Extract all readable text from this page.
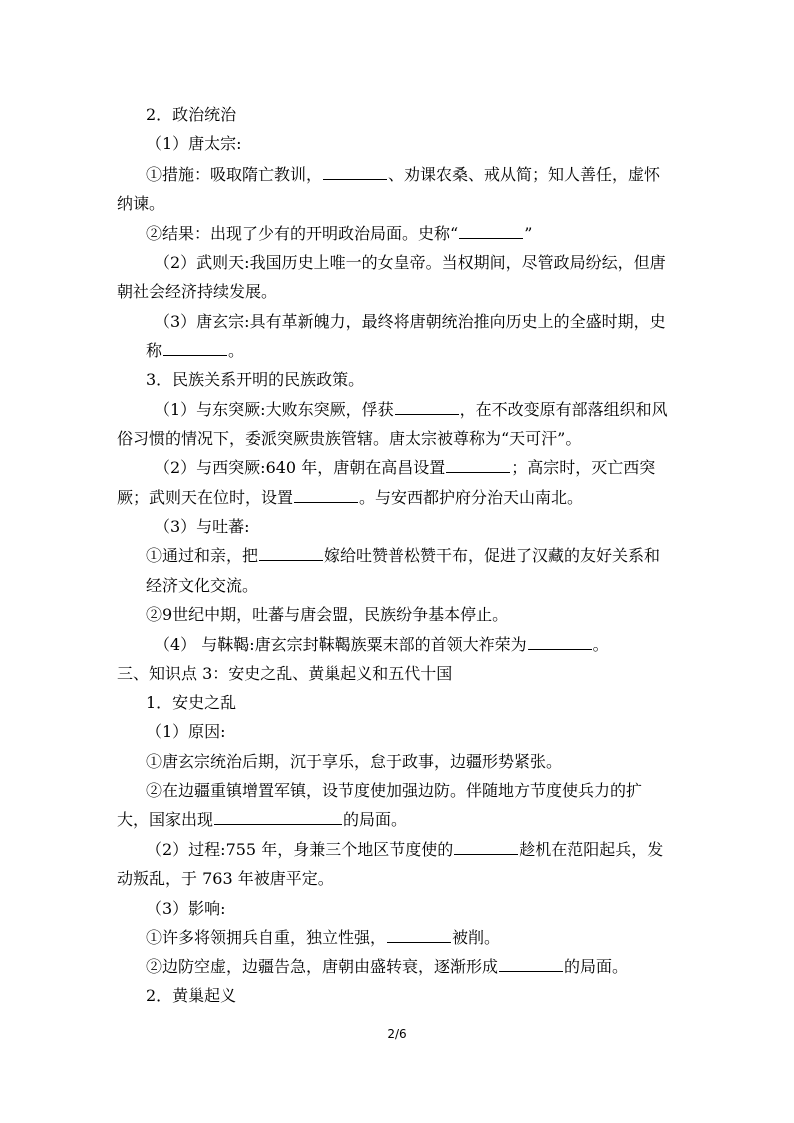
2．政治统治
（1）唐太宗:
①措施：吸取隋亡教训，	、劝课农桑、戒从简；知人善任，虚怀
纳谏。
②结果：出现了少有的开明政治局面。史称“	”
（2）武则天:我国历史上唯一的女皇帝。当权期间，尽管政局纷纭，但唐
朝社会经济持续发展。
（3）唐玄宗:具有革新魄力，最终将唐朝统治推向历史上的全盛时期，史
称	。
3．民族关系开明的民族政策。
（1）与东突厥:大败东突厥，俘获	，在不改变原有部落组织和风
俗习惯的情况下，委派突厥贵族管辖。唐太宗被尊称为“天可汗”。
（2）与西突厥:640 年，唐朝在高昌设置	；高宗时，灭亡西突
厥；武则天在位时，设置	。与安西都护府分治天山南北。
（3）与吐蕃:
①通过和亲，把	嫁给吐赞普松赞干布，促进了汉藏的友好关系和
经济文化交流。
②9世纪中期，吐蕃与唐会盟，民族纷争基本停止。
（4） 与靺鞨:唐玄宗封靺鞨族粟末部的首领大祚荣为	。
三、知识点 3：安史之乱、黄巢起义和五代十国
1．安史之乱
（1）原因:
①唐玄宗统治后期，沉于享乐，怠于政事，边疆形势紧张。
②在边疆重镇增置军镇，设节度使加强边防。伴随地方节度使兵力的扩
大，国家出现	的局面。
（2）过程:755 年，身兼三个地区节度使的	趁机在范阳起兵，发
动叛乱，于 763 年被唐平定。
（3）影响:
①许多将领拥兵自重，独立性强，	被削。
②边防空虚，边疆告急，唐朝由盛转衰，逐渐形成	的局面。
2．黄巢起义
2/6
